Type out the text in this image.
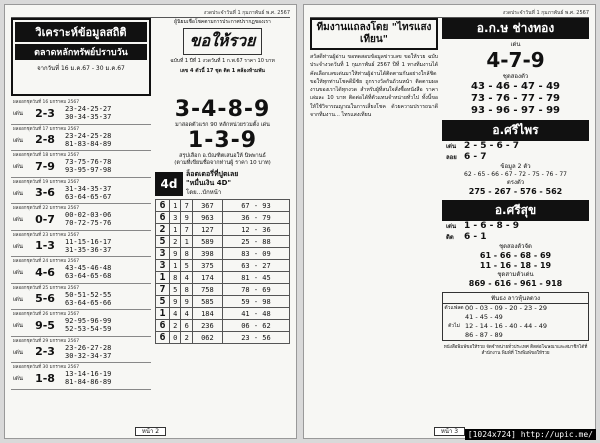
งวดประจำวันที่ 1 กุมภาพันธ์ พ.ศ. 2567
วิเคราะห์ข้อมูลสถิติ
ตลาดหลักทรัพย์ปราบวัน
จากวันที่ 16 ม.ค.67 - 30 ม.ค.67
ผู้นิยมเชื่อโชคตามการประกาศปรากฏของเรา
ขอให้รวย
ฉบับที่ 1 ปีที่ 1 งวดวันที่ 1 ก.พ.67 ราคา 10 บาท
เลข 4 ตัวนี้ 17 ชุด ติด 1 คล้องห้ามพัน
ผลออกชุดวันที่ 16 มกราคม 2567
เด่น	2-3	23-24-25-27
30-34-35-37
ผลออกชุดวันที่ 17 มกราคม 2567
เด่น	2-8	23-24-25-28
81-83-84-89
ผลออกชุดวันที่ 18 มกราคม 2567
เด่น	7-9	73-75-76-78
93-95-97-98
ผลออกชุดวันที่ 19 มกราคม 2567
เด่น	3-6	31-34-35-37
63-64-65-67
ผลออกชุดวันที่ 22 มกราคม 2567
เด่น	0-7	00-02-03-06
70-72-75-76
ผลออกชุดวันที่ 23 มกราคม 2567
เด่น	1-3	11-15-16-17
31-35-36-37
ผลออกชุดวันที่ 24 มกราคม 2567
เด่น	4-6	43-45-46-48
63-64-65-68
ผลออกชุดวันที่ 25 มกราคม 2567
เด่น	5-6	50-51-52-55
63-64-65-66
ผลออกชุดวันที่ 26 มกราคม 2567
เด่น	9-5	92-95-96-99
52-53-54-59
ผลออกชุดวันที่ 29 มกราคม 2567
เด่น	2-3	23-26-27-28
30-32-34-37
ผลออกชุดวันที่ 30 มกราคม 2567
เด่น	1-8	13-14-16-19
81-84-86-89
3-4-8-9
มาสอดตัวแรก 90 หลักหน่วยรวมตั้ง เด่น
1-3-9
สรุปเลือก อ.บัณฑิตเสนอให้ นิพพานธ์
(ตามที่เขียนชื่อจากท่านผู้ ราคา 10 บาท)
4d
ล็อตเตอรี่ที่ปูตเลย
"หมื่นเงิน 4D"
โดย...บักหน้า
6	1	7	367	67 - 93
6	3	9	963	36 - 79
2	1	7	127	12 - 36
5	2	1	589	25 - 88
3	9	8	398	83 - 09
3	1	5	375	63 - 27
1	8	4	174	81 - 45
7	5	8	758	78 - 69
5	9	9	585	59 - 98
1	4	4	184	41 - 48
6	2	6	236	06 - 62
6	0	2	062	23 - 56
หน้า 2
งวดประจำวันที่ 1 กุมภาพันธ์ พ.ศ. 2567
ทีมงานแถลงโดย "ไทรแสงเทียน"
สวัสดีท่านผู้อ่าน ขอทดสอบข้อมูลข่าวเลข ขอให้รวย ฉบับประจำงวดวันที่ 1 กุมภาพันธ์ 2567 ปีที่ 1 ทางทีมงานได้คัดเลือกเลขเด่นมาให้ท่านผู้อ่านได้ติดตามกันอย่างใกล้ชิด ขอให้ทุกท่านโชคดีมีชัย ถูกรางวัลกันถ้วนหน้า ติดตามผลงานของเราได้ทุกงวด สำหรับผู้ที่สนใจสั่งซื้อหนังสือ ราคาเล่มละ 10 บาท ติดต่อได้ที่ตัวแทนจำหน่ายทั่วไป ทั้งนี้ขอให้ใช้วิจารณญาณในการเสี่ยงโชค ด้วยความปรารถนาดีจากทีมงาน... ไทรแสงเทียน
อ.ก.ษ ช่างทอง
เด่น
4-7-9
ชุดสองตัว
43 - 46 - 47 - 49
73 - 76 - 77 - 79
93 - 96 - 97 - 99
อ.ศรีไพร
เด่น 2 - 5 - 6 - 7
ลอย 6 - 7
ข้อมูล 2 ตัว
62 - 65 - 66 - 67 - 72 - 75 - 76 - 77
ตรงตัว
275 - 267 - 576 - 562
อ.ศรีสุข
เด่น 1 - 6 - 8 - 9
ติด	6 - 1
ชุดสองตัวจัด
61 - 66 - 68 - 69
11 - 16 - 18 - 19
ชุดสามตัวเด่น
869 - 616 - 961 - 918
ฟันธง ลาวหุ้นลดวง
ตัวแฟลต 00 - 03 - 09 - 20 - 23 - 29
41 - 45 - 49
ตัวไม่ 12 - 14 - 16 - 40 - 44 - 49
86 - 87 - 89
หนังสือพิมพ์ขอให้รวย จัดจำหน่ายทั่วประเทศ ติดต่อโฆษณาและสมาชิกได้ที่สำนักงาน พิมพ์ที่ โรงพิมพ์ขอให้รวย
หน้า 3	[1024x724] http://upic.me/
